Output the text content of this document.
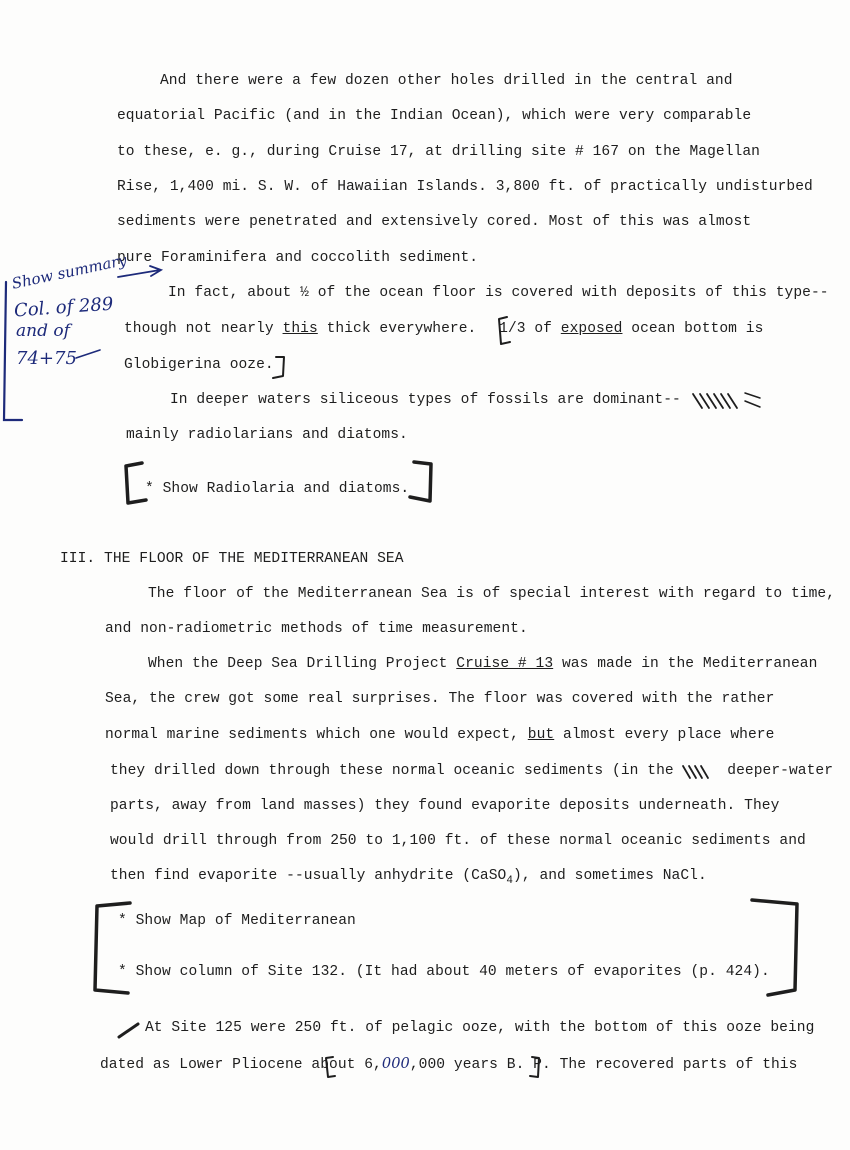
And there were a few dozen other holes drilled in the central and
equatorial Pacific (and in the Indian Ocean), which were very comparable
to these, e. g., during Cruise 17, at drilling site # 167 on the Magellan
Rise, 1,400 mi. S. W. of Hawaiian Islands. 3,800 ft. of practically undisturbed
sediments were penetrated and extensively cored. Most of this was almost
pure Foraminifera and coccolith sediment.
In fact, about ½ of the ocean floor is covered with deposits of this type--
though not nearly this thick everywhere. 1/3 of exposed ocean bottom is
Globigerina ooze.
In deeper waters siliceous types of fossils are dominant--
mainly radiolarians and diatoms.
* Show Radiolaria and diatoms.
III. THE FLOOR OF THE MEDITERRANEAN SEA
The floor of the Mediterranean Sea is of special interest with regard to time,
and non-radiometric methods of time measurement.
When the Deep Sea Drilling Project Cruise # 13 was made in the Mediterranean
Sea, the crew got some real surprises. The floor was covered with the rather
normal marine sediments which one would expect, but almost every place where
they drilled down through these normal oceanic sediments (in the  deeper-water
parts, away from land masses) they found evaporite deposits underneath. They
would drill through from 250 to 1,100 ft. of these normal oceanic sediments and
then find evaporite --usually anhydrite (CaSO$_4$), and sometimes NaCl.
* Show Map of Mediterranean
* Show column of Site 132. (It had about 40 meters of evaporites (p. 424).
At Site 125 were 250 ft. of pelagic ooze, with the bottom of this ooze being
dated as Lower Pliocene about 6,000,000 years B. P. The recovered parts of this
Show summary
Col. of 289
and of
74+75
